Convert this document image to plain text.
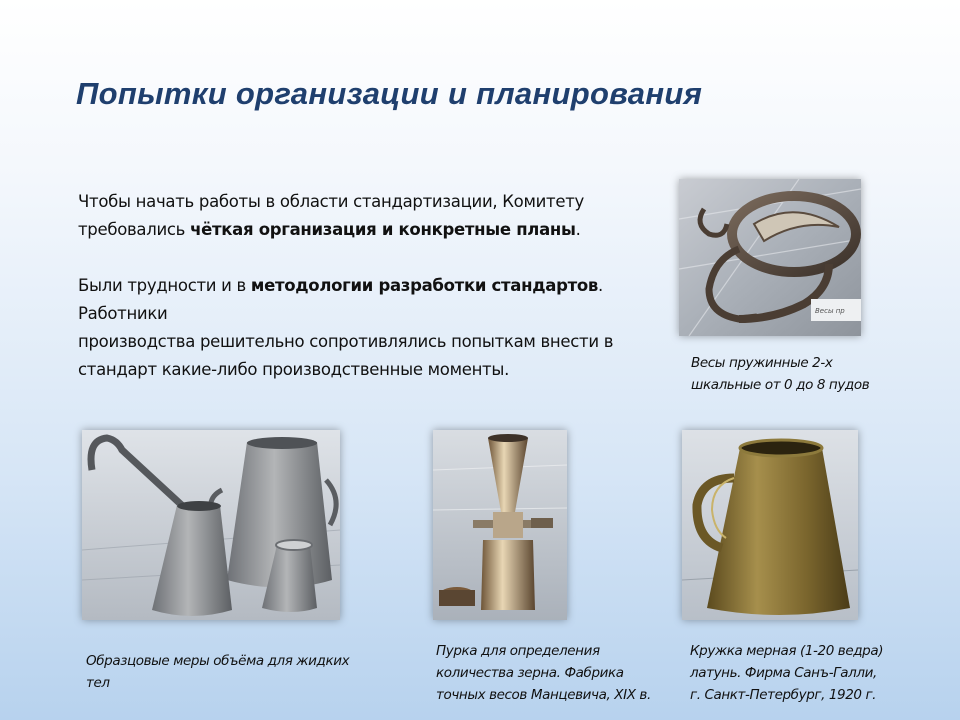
Попытки организации и планирования

Чтобы начать работы в области стандартизации, Комитету
требовались чёткая организация и конкретные планы.

Были трудности и в методологии разработки стандартов. Работники
производства решительно сопротивлялись попыткам внести в
стандарт какие-либо производственные моменты.

Весы пр
Весы пружинные 2-х
шкальные от 0 до 8 пудов
Образцовые меры объёма для жидких
тел
Пурка для определения
количества зерна. Фабрика
точных весов Манцевича, XIX в.
Кружка мерная (1-20 ведра)
латунь. Фирма Санъ-Галли,
г. Санкт-Петербург, 1920 г.
